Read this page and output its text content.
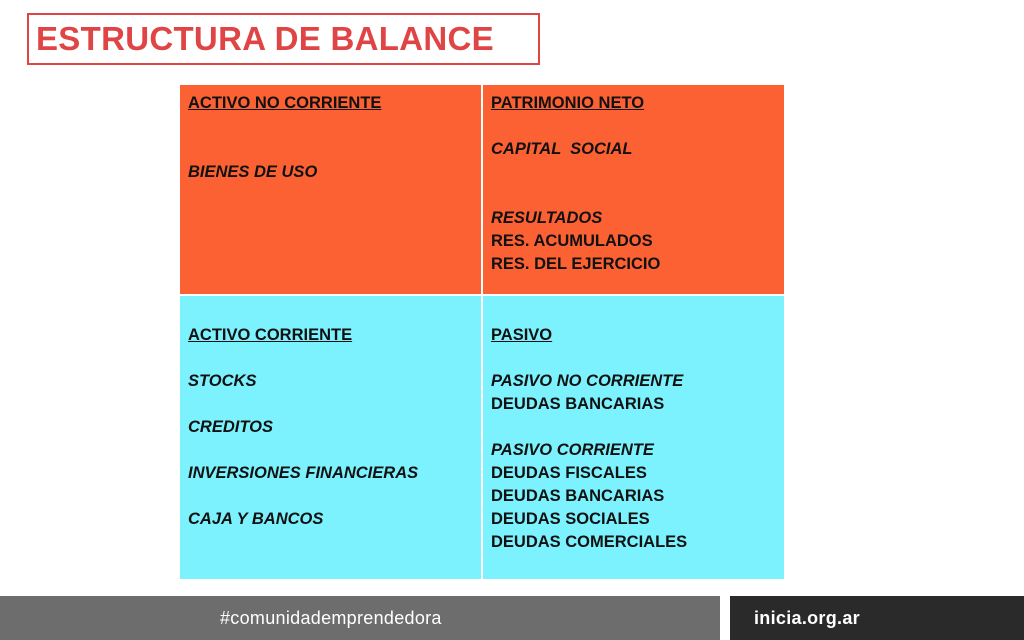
ESTRUCTURA DE BALANCE
ACTIVO NO CORRIENTE
BIENES DE USO
PATRIMONIO NETO
CAPITAL  SOCIAL
RESULTADOS
RES. ACUMULADOS
RES. DEL EJERCICIO
ACTIVO CORRIENTE
STOCKS
CREDITOS
INVERSIONES FINANCIERAS
CAJA Y BANCOS
PASIVO
PASIVO NO CORRIENTE
DEUDAS BANCARIAS
PASIVO CORRIENTE
DEUDAS FISCALES
DEUDAS BANCARIAS
DEUDAS SOCIALES
DEUDAS COMERCIALES
#comunidademprendedora	inicia.org.ar
